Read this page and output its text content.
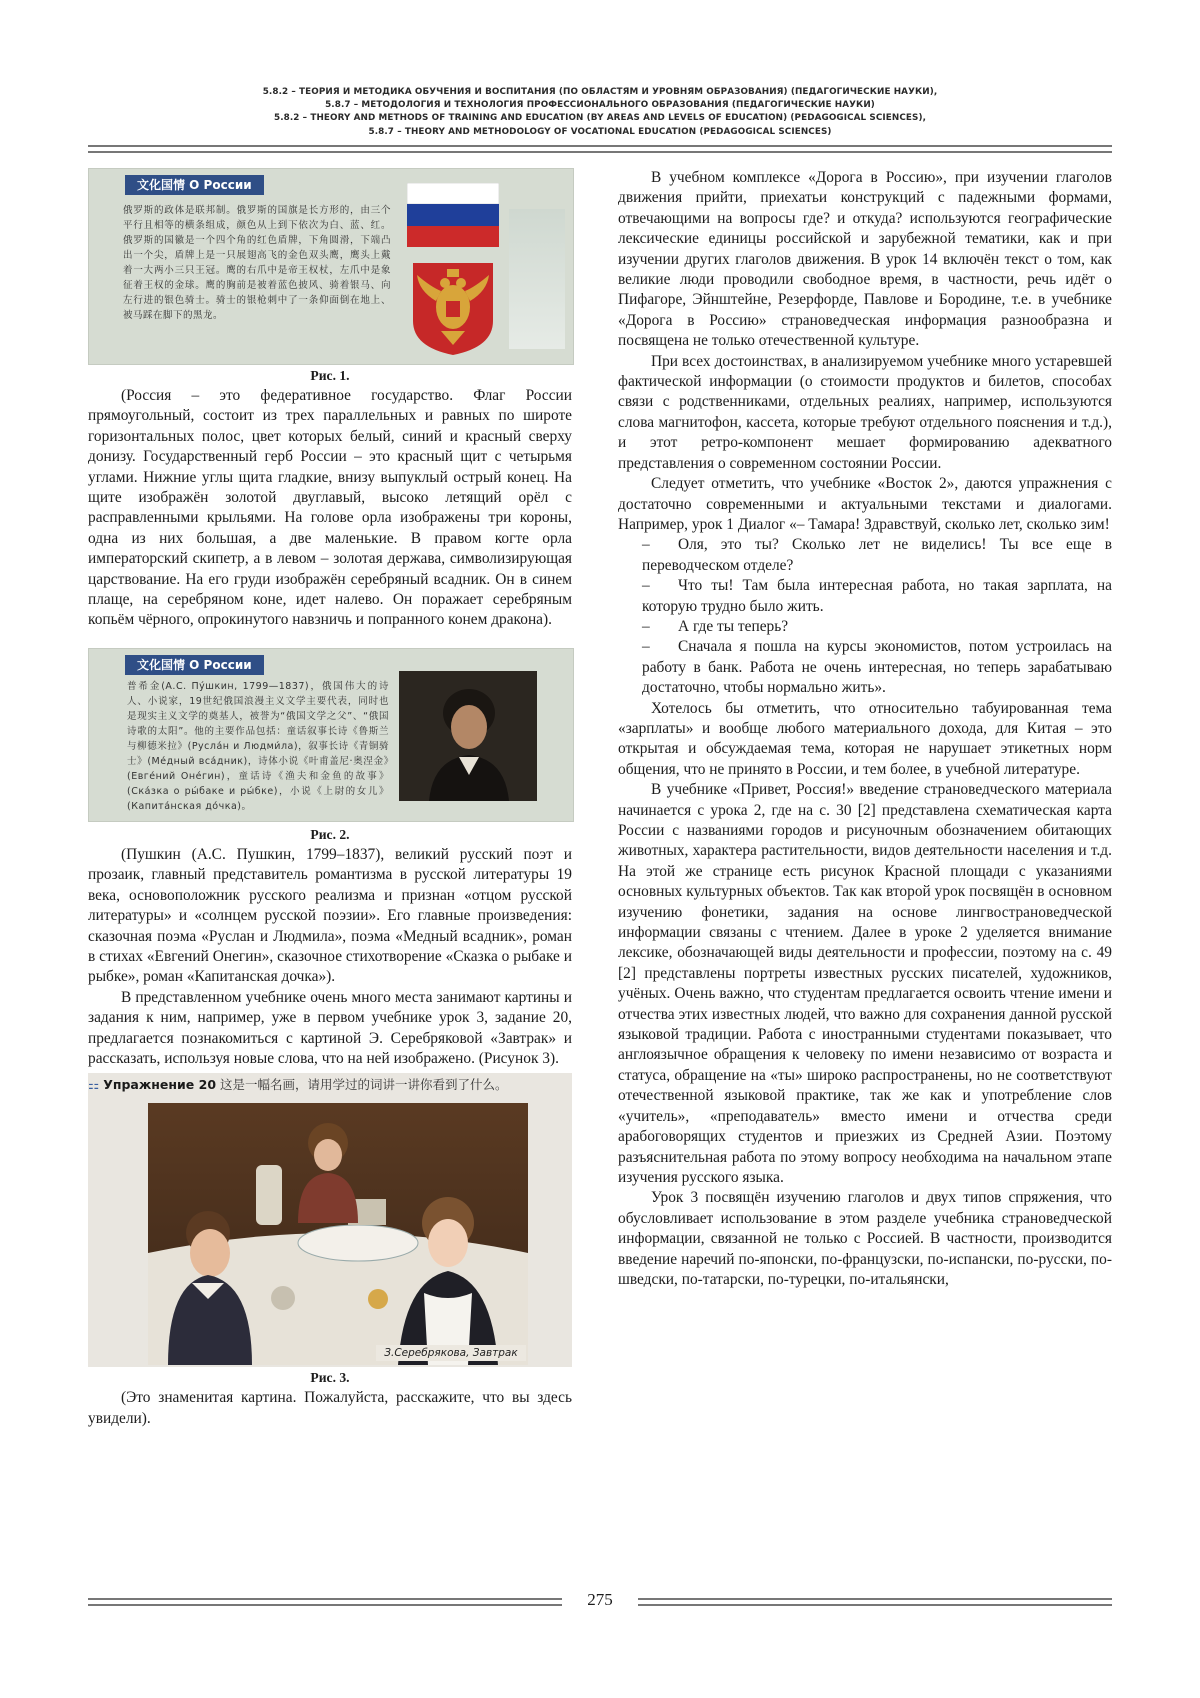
5.8.2 – ТЕОРИЯ И МЕТОДИКА ОБУЧЕНИЯ И ВОСПИТАНИЯ (ПО ОБЛАСТЯМ И УРОВНЯМ ОБРАЗОВАНИЯ) (ПЕДАГОГИЧЕСКИЕ НАУКИ),
5.8.7 – МЕТОДОЛОГИЯ И ТЕХНОЛОГИЯ ПРОФЕССИОНАЛЬНОГО ОБРАЗОВАНИЯ (ПЕДАГОГИЧЕСКИЕ НАУКИ)
5.8.2 – THEORY AND METHODS OF TRAINING AND EDUCATION (BY AREAS AND LEVELS OF EDUCATION) (PEDAGOGICAL SCIENCES),
5.8.7 – THEORY AND METHODOLOGY OF VOCATIONAL EDUCATION (PEDAGOGICAL SCIENCES)
文化国情 О России
俄罗斯的政体是联邦制。俄罗斯的国旗是长方形的，由三个平行且相等的横条组成，颜色从上到下依次为白、蓝、红。俄罗斯的国徽是一个四个角的红色盾牌，下角圆滑，下端凸出一个尖，盾牌上是一只展翅高飞的金色双头鹰，鹰头上戴着一大两小三只王冠。鹰的右爪中是帝王权杖，左爪中是象征着王权的金球。鹰的胸前是被着蓝色披风、骑着银马、向左行进的银色骑士。骑士的银枪刺中了一条仰面倒在地上、被马踩在脚下的黑龙。

Рис. 1.

(Россия – это федеративное государство. Флаг России прямоугольный, состоит из трех параллельных и равных по широте горизонтальных полос, цвет которых белый, синий и красный сверху донизу. Государственный герб России – это красный щит с четырьмя углами. Нижние углы щита гладкие, внизу выпуклый острый конец. На щите изображён золотой двуглавый, высоко летящий орёл с расправленными крыльями. На голове орла изображены три короны, одна из них большая, а две маленькие. В правом когте орла императорский скипетр, а в левом – золотая держава, символизирующая царствование. На его груди изображён серебряный всадник. Он в синем плаще, на серебряном коне, идет налево. Он поражает серебряным копьём чёрного, опрокинутого навзничь и попранного конем дракона).

文化国情 О России
普希金(А.С. Пу́шкин, 1799—1837)，俄国伟大的诗人、小说家，19世纪俄国浪漫主义文学主要代表，同时也是现实主义文学的奠基人，被誉为“俄国文学之父”、“俄国诗歌的太阳”。他的主要作品包括：童话叙事长诗《鲁斯兰与柳德米拉》(Русла́н и Людми́ла)，叙事长诗《青铜骑士》(Ме́дный вса́дник)，诗体小说《叶甫盖尼·奥涅金》(Евге́ний Оне́гин)，童话诗《渔夫和金鱼的故事》(Ска́зка о ры́баке и ры́бке)，小说《上尉的女儿》(Капита́нская до́чка)。

Рис. 2.

(Пушкин (А.С. Пушкин, 1799–1837), великий русский поэт и прозаик, главный представитель романтизма в русской литературы 19 века, основоположник русского реализма и признан «отцом русской литературы» и «солнцем русской поэзии». Его главные произведения: сказочная поэма «Руслан и Людмила», поэма «Медный всадник», роман в стихах «Евгений Онегин», сказочное стихотворение «Сказка о рыбаке и рыбке», роман «Капитанская дочка»).

В представленном учебнике очень много места занимают картины и задания к ним, например, уже в первом учебнике урок 3, задание 20, предлагается познакомиться с картиной Э. Серебряковой «Завтрак» и рассказать, используя новые слова, что на ней изображено. (Рисунок 3).

⚏ Упражнение 20 这是一幅名画，请用学过的词讲一讲你看到了什么。
З.Серебрякова, Завтрак

Рис. 3.

(Это знаменитая картина. Пожалуйста, расскажите, что вы здесь увидели).

В учебном комплексе «Дорога в Россию», при изучении глаголов движения прийти, приехатьи конструкций с падежными формами, отвечающими на вопросы где? и откуда? используются географические лексические единицы российской и зарубежной тематики, как и при изучении других глаголов движения. В урок 14 включён текст о том, как великие люди проводили свободное время, в частности, речь идёт о Пифагоре, Эйнштейне, Резерфорде, Павлове и Бородине, т.е. в учебнике «Дорога в Россию» страноведческая информация разнообразна и посвящена не только отечественной культуре.

При всех достоинствах, в анализируемом учебнике много устаревшей фактической информации (о стоимости продуктов и билетов, способах связи с родственниками, отдельных реалиях, например, используются слова магнитофон, кассета, которые требуют отдельного пояснения и т.д.), и этот ретро-компонент мешает формированию адекватного представления о современном состоянии России.

Следует отметить, что учебнике «Восток 2», даются упражнения с достаточно современными и актуальными текстами и диалогами. Например, урок 1 Диалог «– Тамара! Здравствуй, сколько лет, сколько зим!

– Оля, это ты? Сколько лет не виделись! Ты все еще в переводческом отделе?

– Что ты! Там была интересная работа, но такая зарплата, на которую трудно было жить.

– А где ты теперь?

– Сначала я пошла на курсы экономистов, потом устроилась на работу в банк. Работа не очень интересная, но теперь зарабатываю достаточно, чтобы нормально жить».

Хотелось бы отметить, что относительно табуированная тема «зарплаты» и вообще любого материального дохода, для Китая – это открытая и обсуждаемая тема, которая не нарушает этикетных норм общения, что не принято в России, и тем более, в учебной литературе.

В учебнике «Привет, Россия!» введение страноведческого материала начинается с урока 2, где на с. 30 [2] представлена схематическая карта России с названиями городов и рисуночным обозначением обитающих животных, характера растительности, видов деятельности населения и т.д. На этой же странице есть рисунок Красной площади с указаниями основных культурных объектов. Так как второй урок посвящён в основном изучению фонетики, задания на основе лингвострановедческой информации связаны с чтением. Далее в уроке 2 уделяется внимание лексике, обозначающей виды деятельности и профессии, поэтому на с. 49 [2] представлены портреты известных русских писателей, художников, учёных. Очень важно, что студентам предлагается освоить чтение имени и отчества этих известных людей, что важно для сохранения данной русской языковой традиции. Работа с иностранными студентами показывает, что англоязычное обращения к человеку по имени независимо от возраста и статуса, обращение на «ты» широко распространены, но не соответствуют отечественной языковой практике, так же как и употребление слов «учитель», «преподаватель» вместо имени и отчества среди арабоговорящих студентов и приезжих из Средней Азии. Поэтому разъяснительная работа по этому вопросу необходима на начальном этапе изучения русского языка.

Урок 3 посвящён изучению глаголов и двух типов спряжения, что обусловливает использование в этом разделе учебника страноведческой информации, связанной не только с Россией. В частности, производится введение наречий по-японски, по-французски, по-испански, по-русски, по-шведски, по-татарски, по-турецки, по-итальянски,

275
